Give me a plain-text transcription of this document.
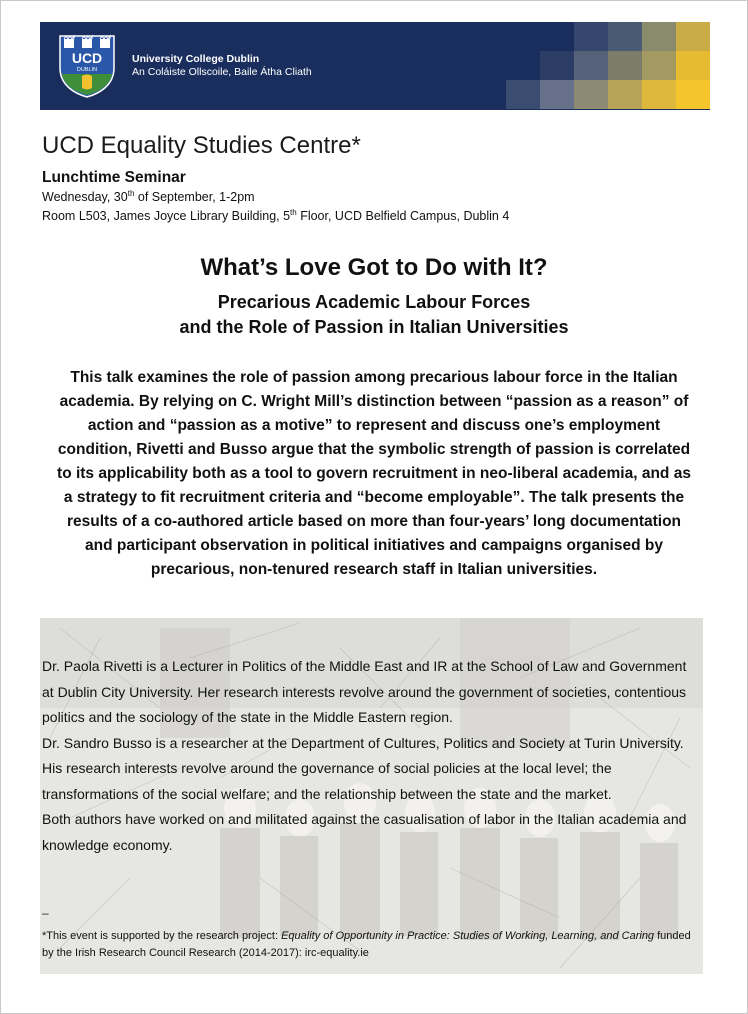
UCD
DUBLIN
University College Dublin
An Coláiste Ollscoile, Baile Átha Cliath
UCD Equality Studies Centre*
Lunchtime Seminar
Wednesday, 30th of September, 1-2pm
Room L503, James Joyce Library Building, 5th Floor, UCD Belfield Campus, Dublin 4
What’s Love Got to Do with It?
Precarious Academic Labour Forces
and the Role of Passion in Italian Universities

This talk examines the role of passion among precarious labour force in the Italian academia. By relying on C. Wright Mill’s distinction between “passion as a reason” of action and “passion as a motive” to represent and discuss one’s employment condition, Rivetti and Busso argue that the symbolic strength of passion is correlated to its applicability both as a tool to govern recruitment in neo-liberal academia, and as a strategy to fit recruitment criteria and “become employable”. The talk presents the results of a co-authored article based on more than four-years’ long documentation and participant observation in political initiatives and campaigns organised by precarious, non-tenured research staff in Italian universities.

Dr. Paola Rivetti is a Lecturer in Politics of the Middle East and IR at the School of Law and Government at Dublin City University. Her research interests revolve around the government of societies, contentious politics and the sociology of the state in the Middle Eastern region.

Dr. Sandro Busso is a researcher at the Department of Cultures, Politics and Society at Turin University. His research interests revolve around the governance of social policies at the local level; the transformations of the social welfare; and the relationship between the state and the market.

Both authors have worked on and militated against the casualisation of labor in the Italian academia and knowledge economy.

–
*This event is supported by the research project: Equality of Opportunity in Practice: Studies of Working, Learning, and Caring funded by the Irish Research Council Research (2014-2017): irc-equality.ie
